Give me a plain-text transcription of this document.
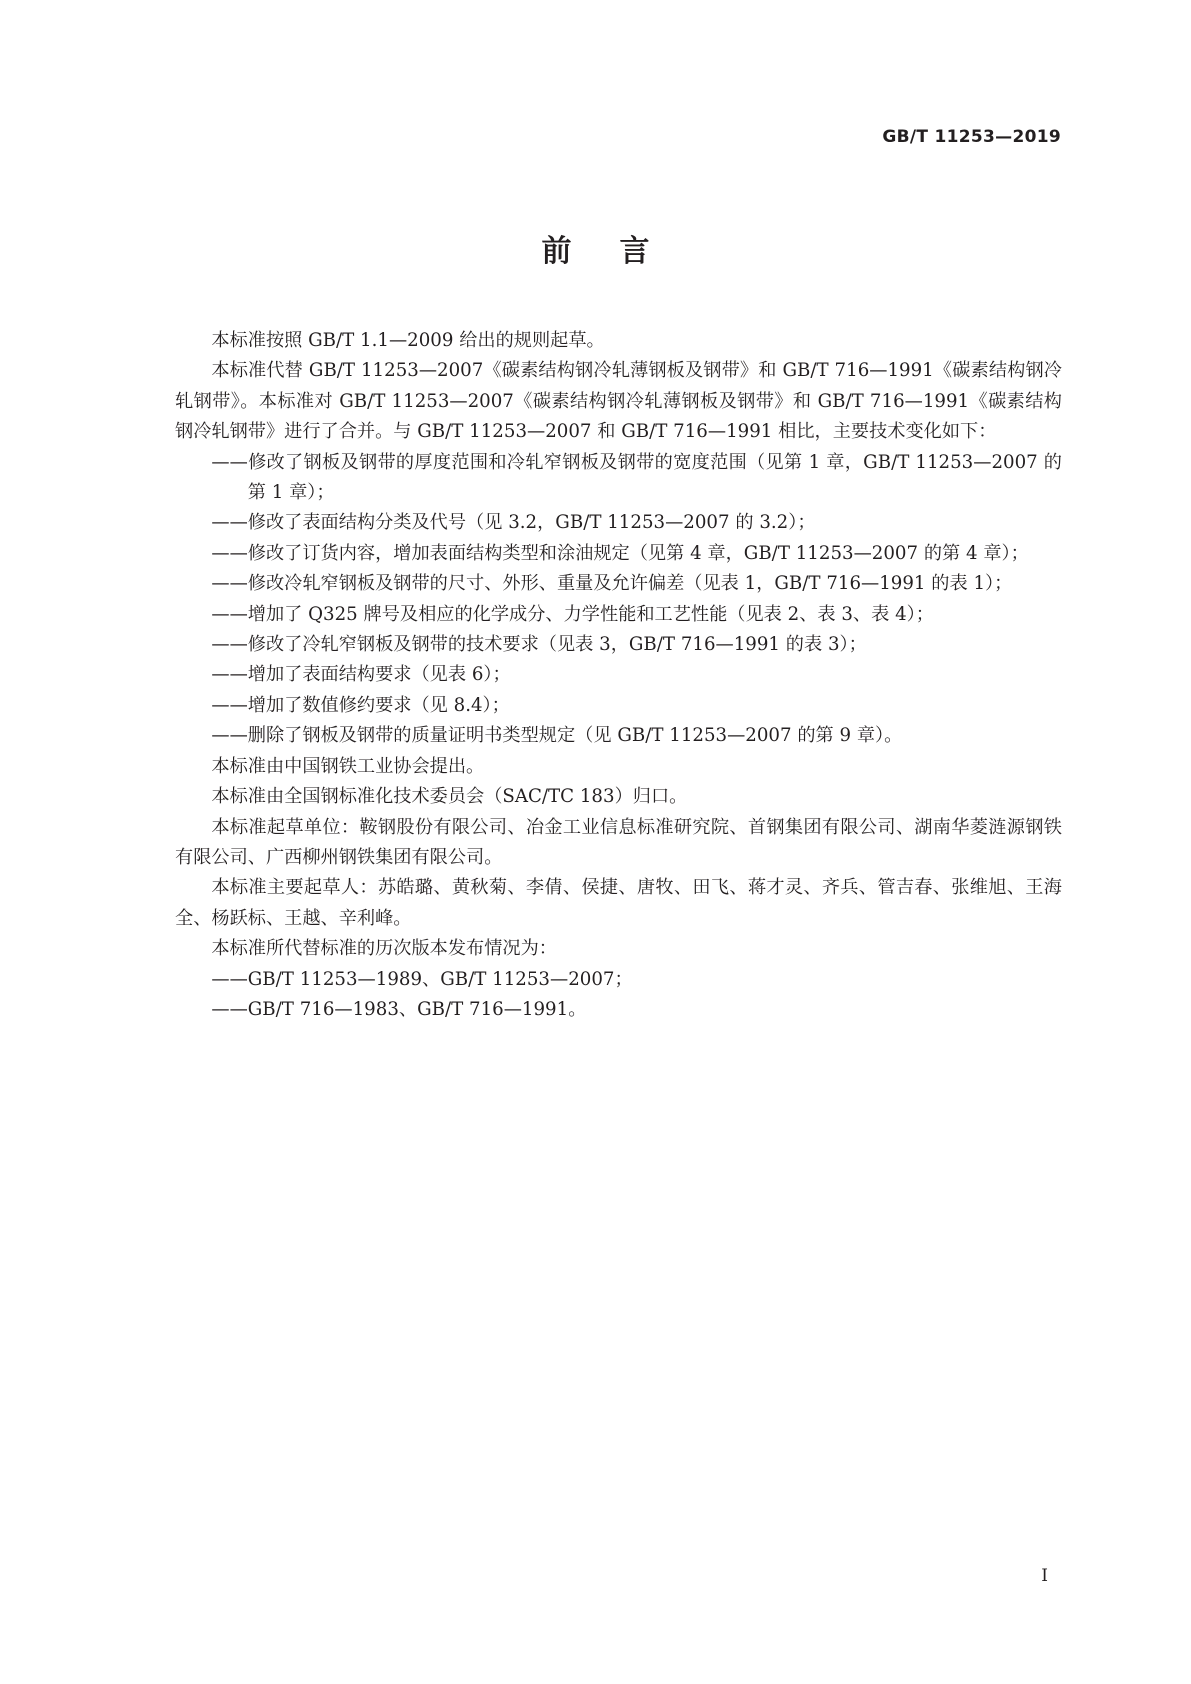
GB/T 11253—2019
前言

本标准按照 GB/T 1.1—2009 给出的规则起草。

本标准代替 GB/T 11253—2007《碳素结构钢冷轧薄钢板及钢带》和 GB/T 716—1991《碳素结构钢冷轧钢带》。本标准对 GB/T 11253—2007《碳素结构钢冷轧薄钢板及钢带》和 GB/T 716—1991《碳素结构钢冷轧钢带》进行了合并。与 GB/T 11253—2007 和 GB/T 716—1991 相比，主要技术变化如下：

——修改了钢板及钢带的厚度范围和冷轧窄钢板及钢带的宽度范围（见第 1 章，GB/T 11253—2007 的第 1 章）；

——修改了表面结构分类及代号（见 3.2，GB/T 11253—2007 的 3.2）；

——修改了订货内容，增加表面结构类型和涂油规定（见第 4 章，GB/T 11253—2007 的第 4 章）；

——修改冷轧窄钢板及钢带的尺寸、外形、重量及允许偏差（见表 1，GB/T 716—1991 的表 1）；

——增加了 Q325 牌号及相应的化学成分、力学性能和工艺性能（见表 2、表 3、表 4）；

——修改了冷轧窄钢板及钢带的技术要求（见表 3，GB/T 716—1991 的表 3）；

——增加了表面结构要求（见表 6）；

——增加了数值修约要求（见 8.4）；

——删除了钢板及钢带的质量证明书类型规定（见 GB/T 11253—2007 的第 9 章）。

本标准由中国钢铁工业协会提出。

本标准由全国钢标准化技术委员会（SAC/TC 183）归口。

本标准起草单位：鞍钢股份有限公司、冶金工业信息标准研究院、首钢集团有限公司、湖南华菱涟源钢铁有限公司、广西柳州钢铁集团有限公司。

本标准主要起草人：苏皓璐、黄秋菊、李倩、侯捷、唐牧、田飞、蒋才灵、齐兵、管吉春、张维旭、王海全、杨跃标、王越、辛利峰。

本标准所代替标准的历次版本发布情况为：

——GB/T 11253—1989、GB/T 11253—2007；

——GB/T 716—1983、GB/T 716—1991。

I
